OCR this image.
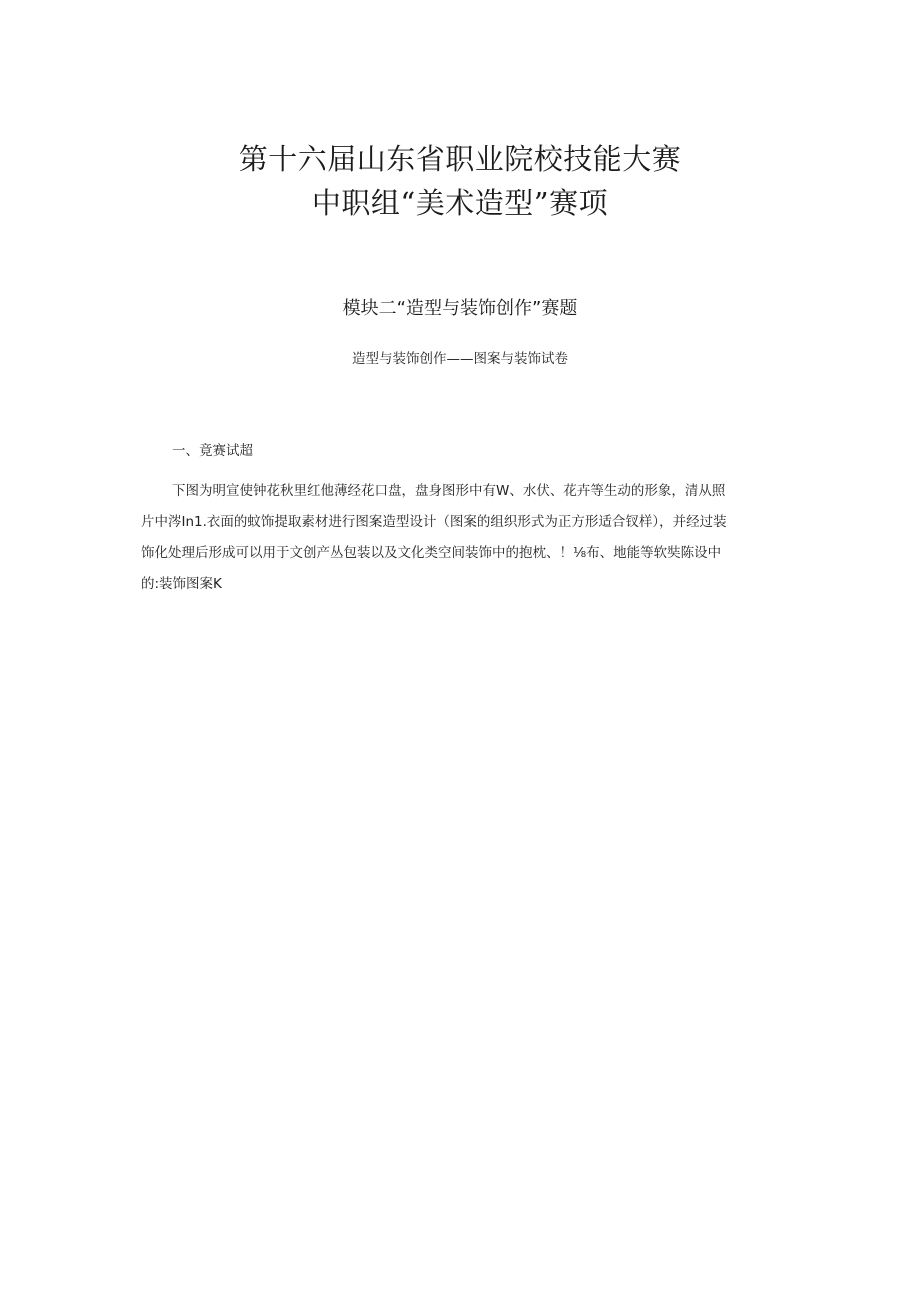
第十六届山东省职业院校技能大赛
中职组“美术造型”赛项
模块二“造型与装饰创作”赛题
造型与装饰创作——图案与装饰试卷
一、竟赛试超
下图为明宣使钟花秋里红他薄经花口盘，盘身图形中有W、水伏、花卉等生动的形象，清从照
片中涔In1.衣面的蚊饰提取素材进行图案造型设计（图案的组织形式为正方形适合钗样），并经过装
饰化处理后形成可以用于文创产丛包装以及文化类空间装饰中的抱枕、！⅛布、地能等软奘陈设中
的:装饰图案K
